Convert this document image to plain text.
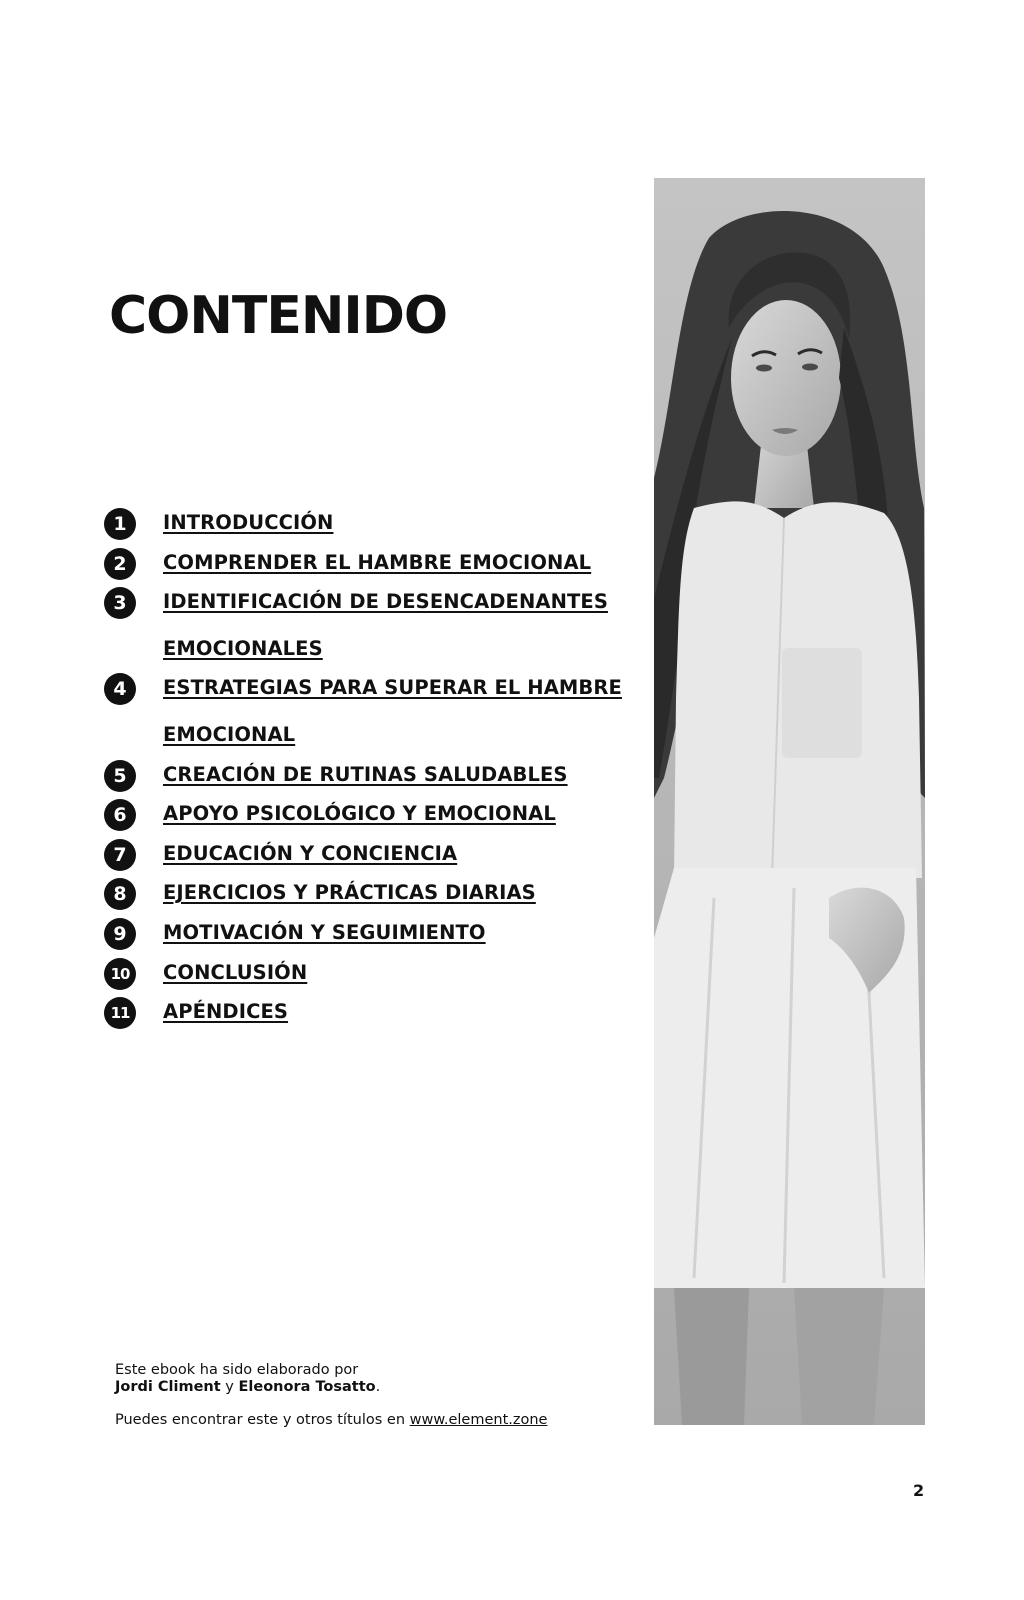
CONTENIDO
1	INTRODUCCIÓN
2	COMPRENDER EL HAMBRE EMOCIONAL
3	IDENTIFICACIÓN DE DESENCADENANTES EMOCIONALES
4	ESTRATEGIAS PARA SUPERAR EL HAMBRE EMOCIONAL
5	CREACIÓN DE RUTINAS SALUDABLES
6	APOYO PSICOLÓGICO Y EMOCIONAL
7	EDUCACIÓN Y CONCIENCIA
8	EJERCICIOS Y PRÁCTICAS DIARIAS
9	MOTIVACIÓN Y SEGUIMIENTO
10	CONCLUSIÓN
11	APÉNDICES

Este ebook ha sido elaborado por

Jordi Climent y Eleonora Tosatto.

Puedes encontrar este y otros títulos en www.element.zone

2
